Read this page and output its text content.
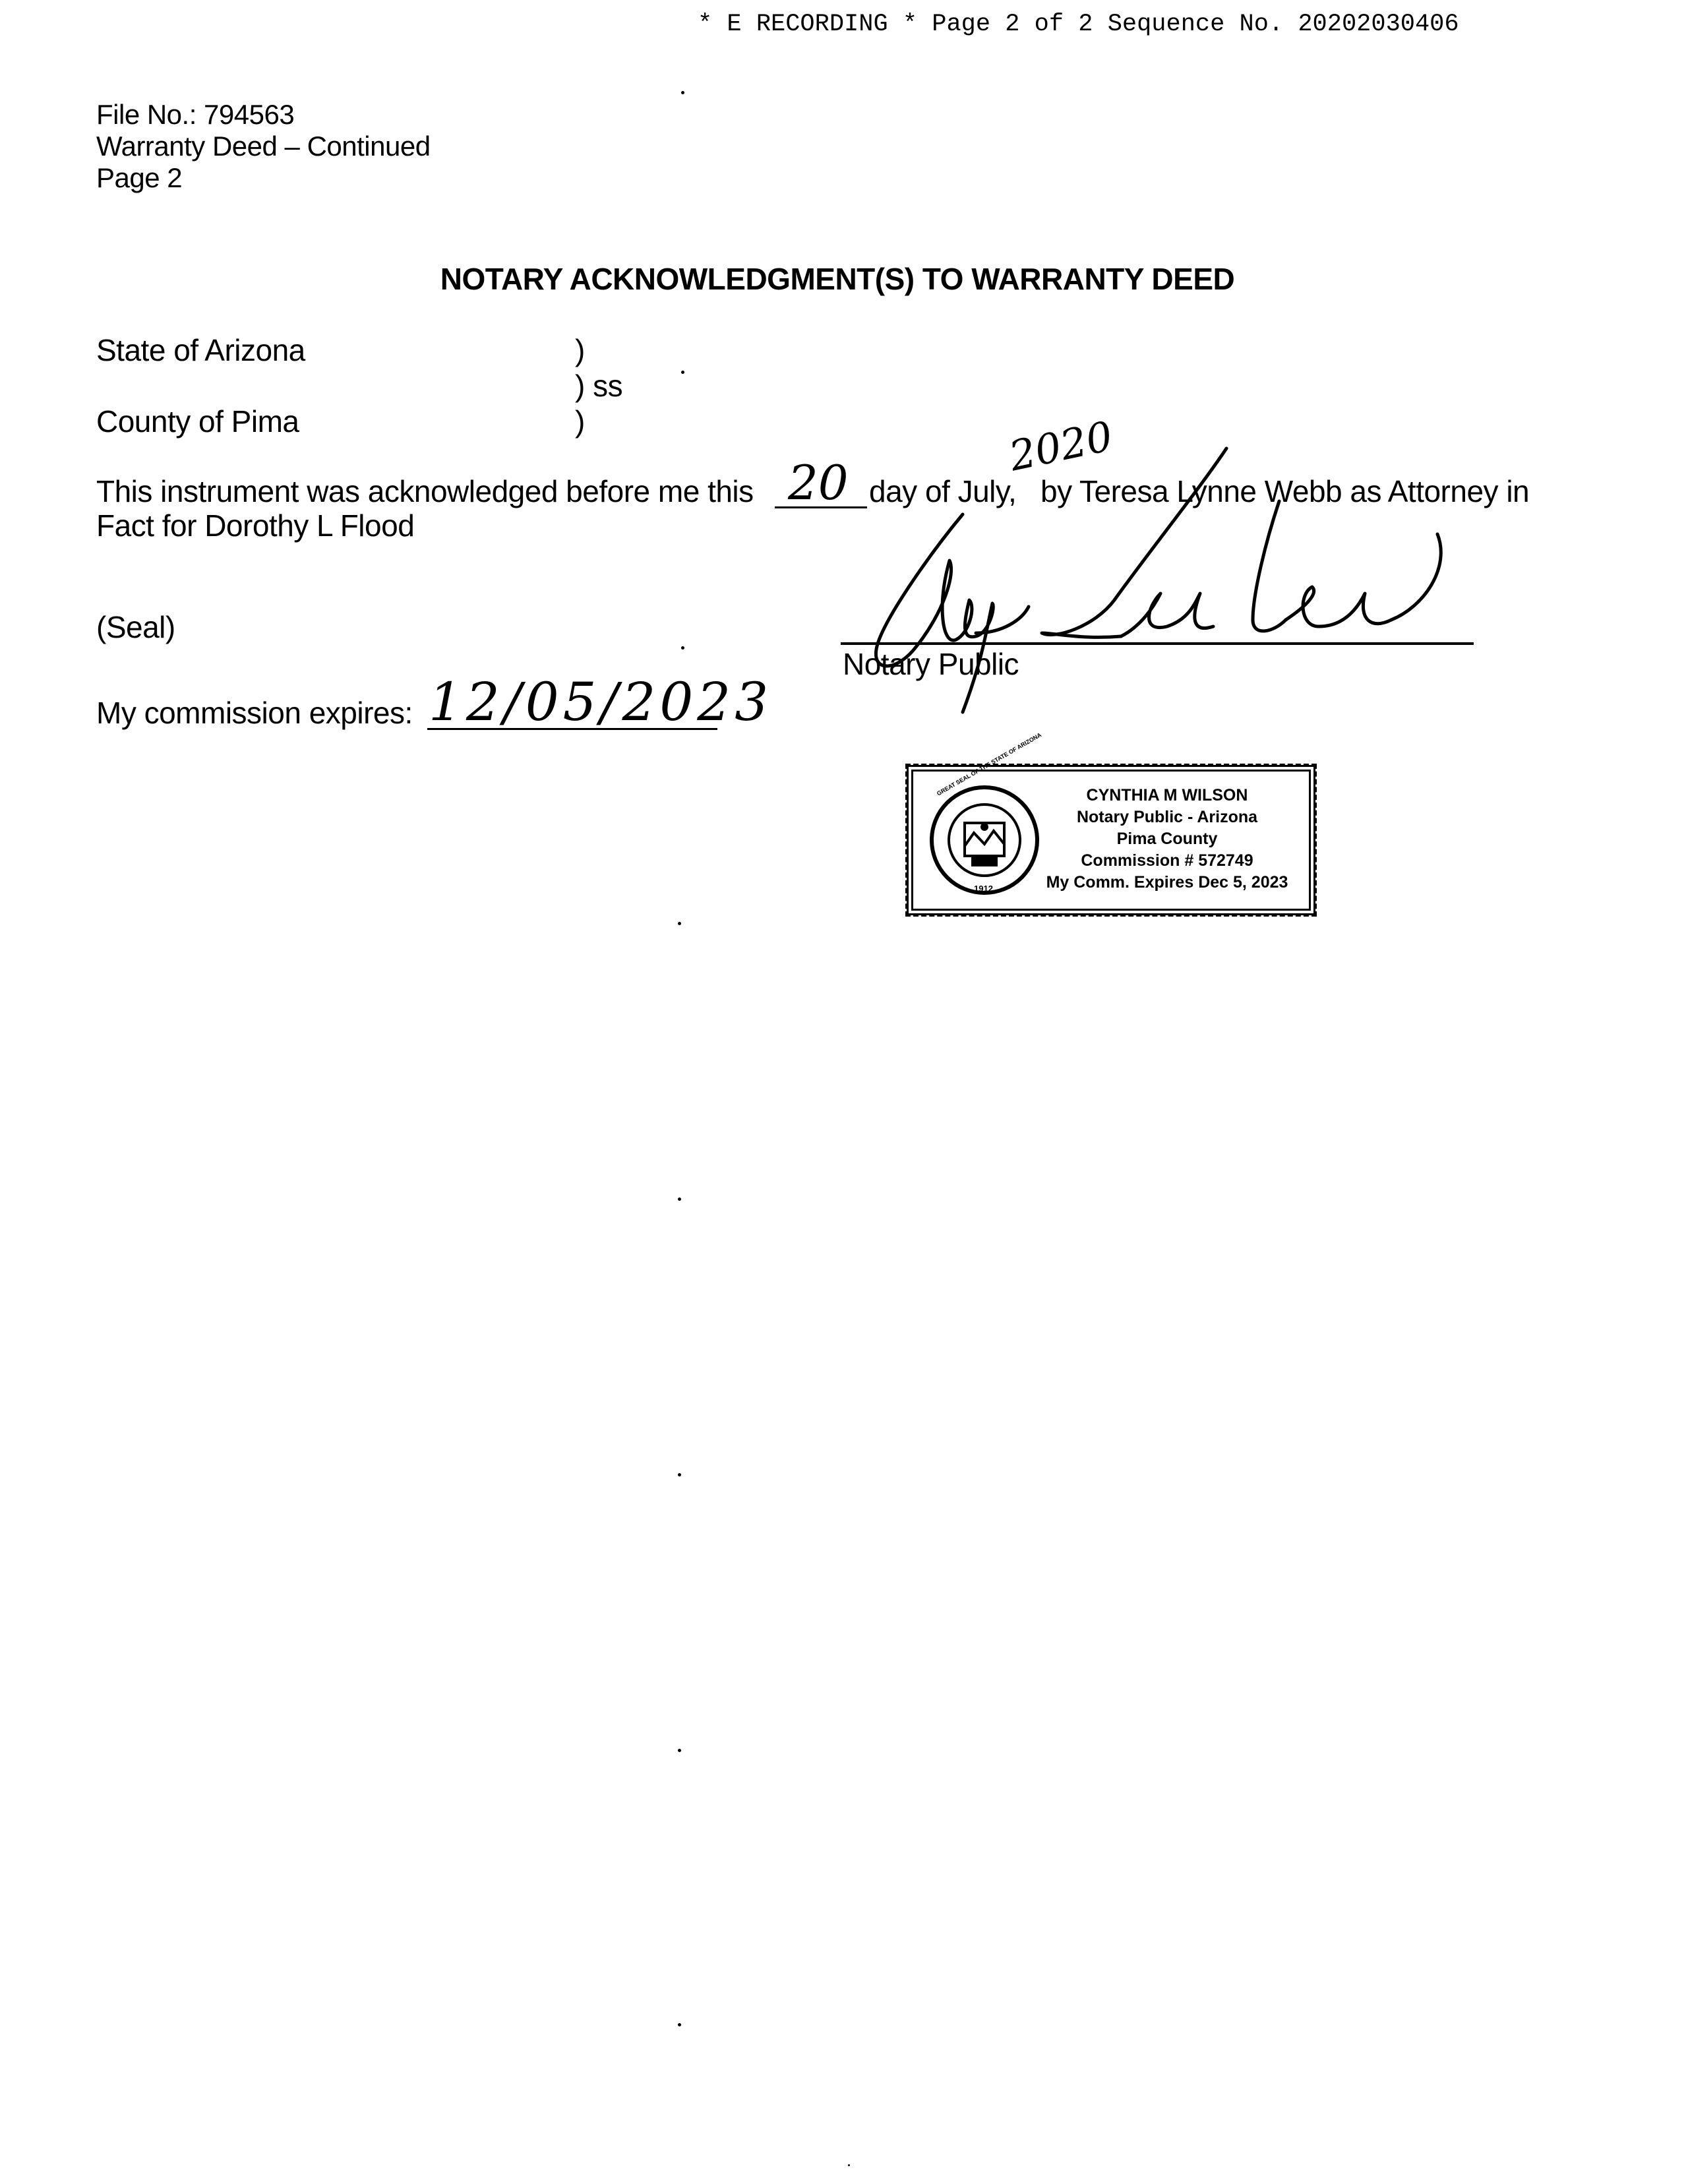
* E RECORDING * Page 2 of 2 Sequence No. 20202030406
File No.: 794563
Warranty Deed – Continued
Page 2
NOTARY ACKNOWLEDGMENT(S) TO WARRANTY DEED
State of Arizona	)
) ss
County of Pima	)
This instrument was acknowledged before me this 20 day of July,
2020
by Teresa Lynne Webb as Attorney in
Fact for Dorothy L Flood
(Seal)
Notary Public
My commission expires: 12/05/2023
GREAT SEAL OF THE STATE OF ARIZONA
1912
CYNTHIA M WILSON
Notary Public - Arizona
Pima County
Commission # 572749
My Comm. Expires Dec 5, 2023
